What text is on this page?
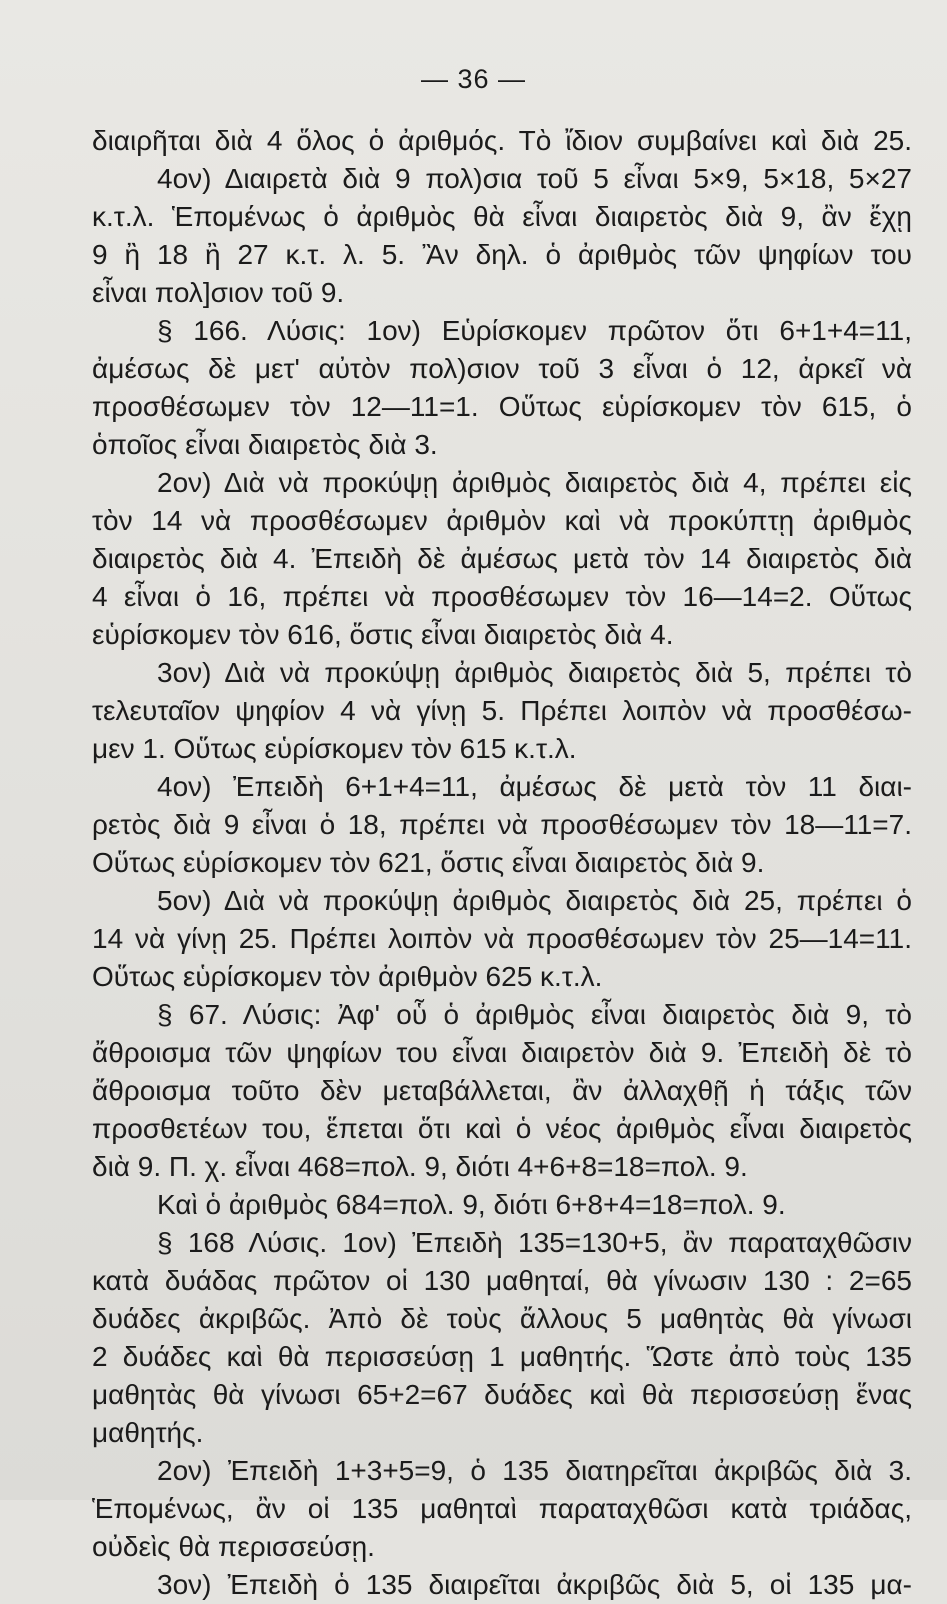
— 36 —
διαιρῆται διὰ 4 ὅλος ὁ ἀριθμός. Τὸ ἴδιον συμβαίνει καὶ διὰ 25.
4ον) Διαιρετὰ διὰ 9 πολ)σια τοῦ 5 εἶναι 5×9, 5×18, 5×27
κ.τ.λ. Ἑπομένως ὁ ἀριθμὸς θὰ εἶναι διαιρετὸς διὰ 9, ἂν ἔχῃ
9 ἢ 18 ἢ 27 κ.τ. λ. 5. Ἂν δηλ. ὁ ἀριθμὸς τῶν ψηφίων του
εἶναι πολ]σιον τοῦ 9.
§ 166. Λύσις: 1ον) Εὑρίσκομεν πρῶτον ὅτι 6+1+4=11,
ἀμέσως δὲ μετ' αὐτὸν πολ)σιον τοῦ 3 εἶναι ὁ 12, ἀρκεῖ νὰ
προσθέσωμεν τὸν 12—11=1. Οὕτως εὑρίσκομεν τὸν 615, ὁ
ὁποῖος εἶναι διαιρετὸς διὰ 3.
2ον) Διὰ νὰ προκύψῃ ἀριθμὸς διαιρετὸς διὰ 4, πρέπει εἰς
τὸν 14 νὰ προσθέσωμεν ἀριθμὸν καὶ νὰ προκύπτῃ ἀριθμὸς
διαιρετὸς διὰ 4. Ἐπειδὴ δὲ ἀμέσως μετὰ τὸν 14 διαιρετὸς διὰ
4 εἶναι ὁ 16, πρέπει νὰ προσθέσωμεν τὸν 16—14=2. Οὕτως
εὑρίσκομεν τὸν 616, ὅστις εἶναι διαιρετὸς διὰ 4.
3ον) Διὰ νὰ προκύψῃ ἀριθμὸς διαιρετὸς διὰ 5, πρέπει τὸ
τελευταῖον ψηφίον 4 νὰ γίνῃ 5. Πρέπει λοιπὸν νὰ προσθέσω-
μεν 1. Οὕτως εὑρίσκομεν τὸν 615 κ.τ.λ.
4ον) Ἐπειδὴ 6+1+4=11, ἀμέσως δὲ μετὰ τὸν 11 διαι-
ρετὸς διὰ 9 εἶναι ὁ 18, πρέπει νὰ προσθέσωμεν τὸν 18—11=7.
Οὕτως εὑρίσκομεν τὸν 621, ὅστις εἶναι διαιρετὸς διὰ 9.
5ον) Διὰ νὰ προκύψῃ ἀριθμὸς διαιρετὸς διὰ 25, πρέπει ὁ
14 νὰ γίνῃ 25. Πρέπει λοιπὸν νὰ προσθέσωμεν τὸν 25—14=11.
Οὕτως εὑρίσκομεν τὸν ἀριθμὸν 625 κ.τ.λ.
§ 67. Λύσις: Ἀφ' οὗ ὁ ἀριθμὸς εἶναι διαιρετὸς διὰ 9, τὸ
ἄθροισμα τῶν ψηφίων του εἶναι διαιρετὸν διὰ 9. Ἐπειδὴ δὲ τὸ
ἄθροισμα τοῦτο δὲν μεταβάλλεται, ἂν ἀλλαχθῇ ἡ τάξις τῶν
προσθετέων του, ἕπεται ὅτι καὶ ὁ νέος ἀριθμὸς εἶναι διαιρετὸς
διὰ 9. Π. χ. εἶναι 468=πολ. 9, διότι 4+6+8=18=πολ. 9.
Καὶ ὁ ἀριθμὸς 684=πολ. 9, διότι 6+8+4=18=πολ. 9.
§ 168 Λύσις. 1ον) Ἐπειδὴ 135=130+5, ἂν παραταχθῶσιν
κατὰ δυάδας πρῶτον οἱ 130 μαθηταί, θὰ γίνωσιν 130 : 2=65
δυάδες ἀκριβῶς. Ἀπὸ δὲ τοὺς ἄλλους 5 μαθητὰς θὰ γίνωσι
2 δυάδες καὶ θὰ περισσεύσῃ 1 μαθητής. Ὥστε ἀπὸ τοὺς 135
μαθητὰς θὰ γίνωσι 65+2=67 δυάδες καὶ θὰ περισσεύσῃ ἕνας
μαθητής.
2ον) Ἐπειδὴ 1+3+5=9, ὁ 135 διατηρεῖται ἀκριβῶς διὰ 3.
Ἑπομένως, ἂν οἱ 135 μαθηταὶ παραταχθῶσι κατὰ τριάδας,
οὐδεὶς θὰ περισσεύσῃ.
3ον) Ἐπειδὴ ὁ 135 διαιρεῖται ἀκριβῶς διὰ 5, οἱ 135 μα-
